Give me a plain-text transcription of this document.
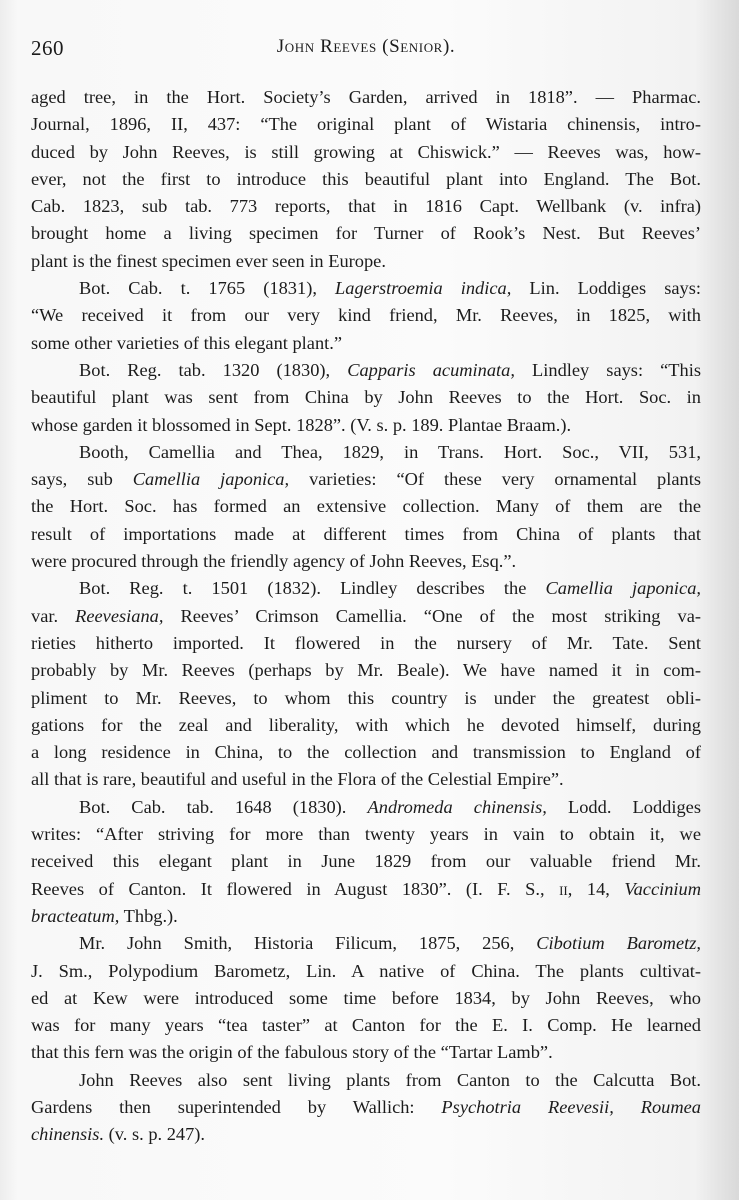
260	John Reeves (Senior).
aged tree, in the Hort. Society’s Garden, arrived in 1818”. — Pharmac.
Journal, 1896, II, 437: “The original plant of Wistaria chinensis, intro-
duced by John Reeves, is still growing at Chiswick.” — Reeves was, how-
ever, not the first to introduce this beautiful plant into England. The Bot.
Cab. 1823, sub tab. 773 reports, that in 1816 Capt. Wellbank (v. infra)
brought home a living specimen for Turner of Rook’s Nest. But Reeves’
plant is the finest specimen ever seen in Europe.
Bot. Cab. t. 1765 (1831), Lagerstroemia indica, Lin. Loddiges says:
“We received it from our very kind friend, Mr. Reeves, in 1825, with
some other varieties of this elegant plant.”
Bot. Reg. tab. 1320 (1830), Capparis acuminata, Lindley says: “This
beautiful plant was sent from China by John Reeves to the Hort. Soc. in
whose garden it blossomed in Sept. 1828”. (V. s. p. 189. Plantae Braam.).
Booth, Camellia and Thea, 1829, in Trans. Hort. Soc., VII, 531,
says, sub Camellia japonica, varieties: “Of these very ornamental plants
the Hort. Soc. has formed an extensive collection. Many of them are the
result of importations made at different times from China of plants that
were procured through the friendly agency of John Reeves, Esq.”.
Bot. Reg. t. 1501 (1832). Lindley describes the Camellia japonica,
var. Reevesiana, Reeves’ Crimson Camellia. “One of the most striking va-
rieties hitherto imported. It flowered in the nursery of Mr. Tate. Sent
probably by Mr. Reeves (perhaps by Mr. Beale). We have named it in com-
pliment to Mr. Reeves, to whom this country is under the greatest obli-
gations for the zeal and liberality, with which he devoted himself, during
a long residence in China, to the collection and transmission to England of
all that is rare, beautiful and useful in the Flora of the Celestial Empire”.
Bot. Cab. tab. 1648 (1830). Andromeda chinensis, Lodd. Loddiges
writes: “After striving for more than twenty years in vain to obtain it, we
received this elegant plant in June 1829 from our valuable friend Mr.
Reeves of Canton. It flowered in August 1830”. (I. F. S., ii, 14, Vaccinium
bracteatum, Thbg.).
Mr. John Smith, Historia Filicum, 1875, 256, Cibotium Barometz,
J. Sm., Polypodium Barometz, Lin. A native of China. The plants cultivat-
ed at Kew were introduced some time before 1834, by John Reeves, who
was for many years “tea taster” at Canton for the E. I. Comp. He learned
that this fern was the origin of the fabulous story of the “Tartar Lamb”.
John Reeves also sent living plants from Canton to the Calcutta Bot.
Gardens then superintended by Wallich: Psychotria Reevesii, Roumea
chinensis. (v. s. p. 247).
